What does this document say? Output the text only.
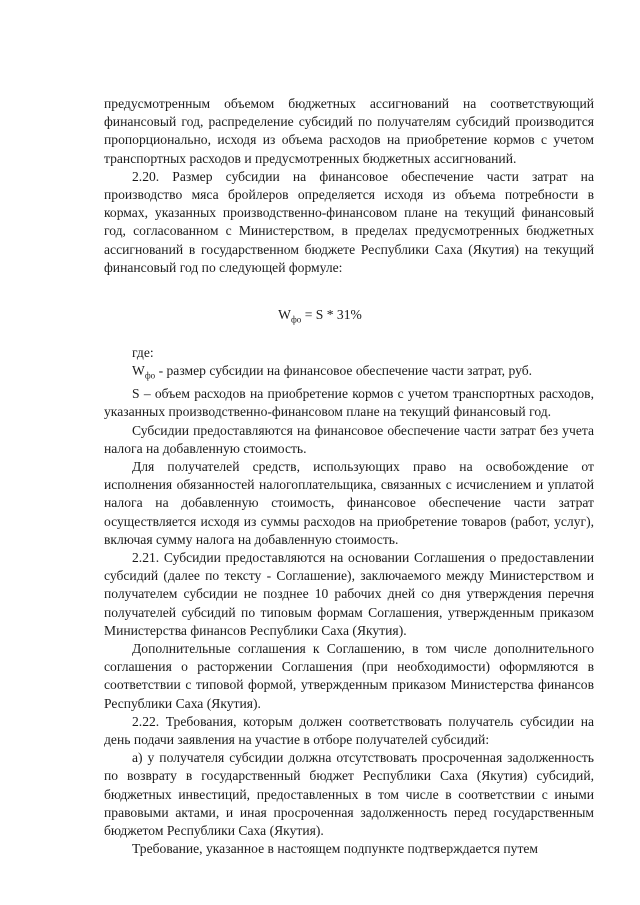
предусмотренным объемом бюджетных ассигнований на соответствующий финансовый год, распределение субсидий по получателям субсидий производится пропорционально, исходя из объема расходов на приобретение кормов с учетом транспортных расходов и предусмотренных бюджетных ассигнований.

2.20. Размер субсидии на финансовое обеспечение части затрат на производство мяса бройлеров определяется исходя из объема потребности в кормах, указанных производственно-финансовом плане на текущий финансовый год, согласованном с Министерством, в пределах предусмотренных бюджетных ассигнований в государственном бюджете Республики Саха (Якутия) на текущий финансовый год по следующей формуле:

$W_{фо} = S * 31\%$

где:

$W_{фо}$ - размер субсидии на финансовое обеспечение части затрат, руб.

S – объем расходов на приобретение кормов с учетом транспортных расходов, указанных производственно-финансовом плане на текущий финансовый год.

Субсидии предоставляются на финансовое обеспечение части затрат без учета налога на добавленную стоимость.

Для получателей средств, использующих право на освобождение от исполнения обязанностей налогоплательщика, связанных с исчислением и уплатой налога на добавленную стоимость, финансовое обеспечение части затрат осуществляется исходя из суммы расходов на приобретение товаров (работ, услуг), включая сумму налога на добавленную стоимость.

2.21. Субсидии предоставляются на основании Соглашения о предоставлении субсидий (далее по тексту - Соглашение), заключаемого между Министерством и получателем субсидии не позднее 10 рабочих дней со дня утверждения перечня получателей субсидий по типовым формам Соглашения, утвержденным приказом Министерства финансов Республики Саха (Якутия).

Дополнительные соглашения к Соглашению, в том числе дополнительного соглашения о расторжении Соглашения (при необходимости) оформляются в соответствии с типовой формой, утвержденным приказом Министерства финансов Республики Саха (Якутия).

2.22. Требования, которым должен соответствовать получатель субсидии на день подачи заявления на участие в отборе получателей субсидий:

а) у получателя субсидии должна отсутствовать просроченная задолженность по возврату в государственный бюджет Республики Саха (Якутия) субсидий, бюджетных инвестиций, предоставленных в том числе в соответствии с иными правовыми актами, и иная просроченная задолженность перед государственным бюджетом Республики Саха (Якутия).

Требование, указанное в настоящем подпункте подтверждается путем
